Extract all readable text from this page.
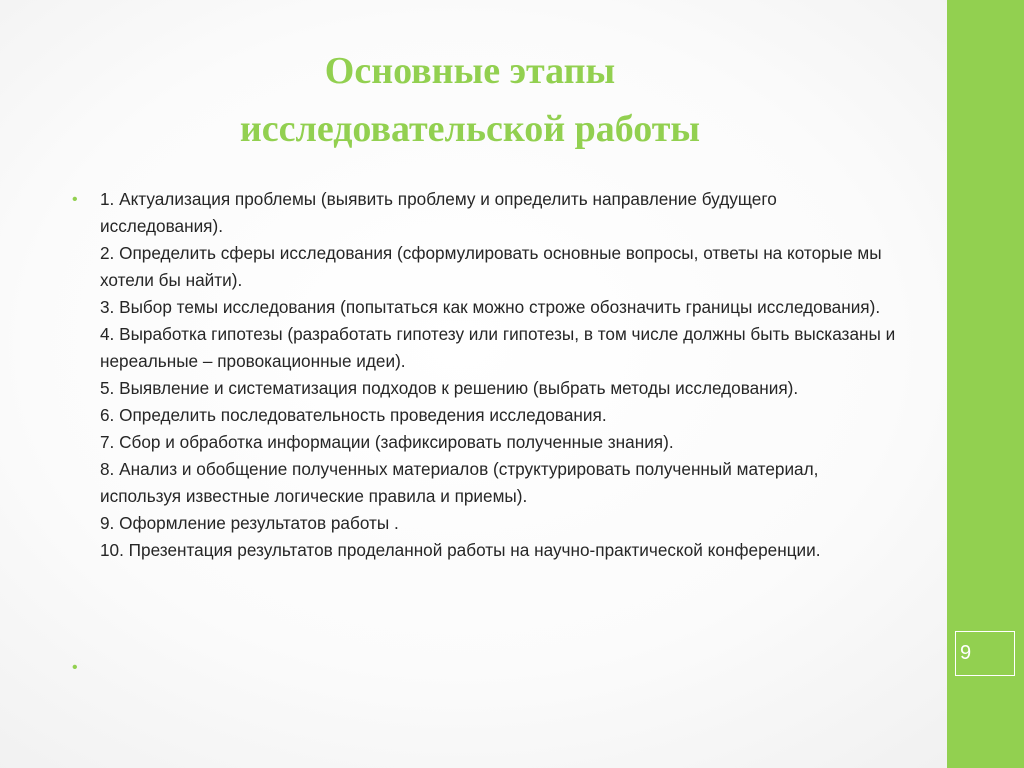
9
Основные этапы
исследовательской работы
• 1. Актуализация проблемы (выявить проблему и определить направление будущего исследования).
2. Определить сферы исследования (сформулировать основные вопросы, ответы на которые мы хотели бы найти).
3. Выбор темы исследования (попытаться как можно строже обозначить границы исследования).
4. Выработка гипотезы (разработать гипотезу или гипотезы, в том числе должны быть высказаны и нереальные – провокационные идеи).
5. Выявление и систематизация подходов к решению (выбрать методы исследования).
6. Определить последовательность проведения исследования.
7. Сбор и обработка информации (зафиксировать полученные знания).
8. Анализ и обобщение полученных материалов (структурировать полученный материал, используя известные логические правила и приемы).
9. Оформление результатов работы .
10. Презентация результатов проделанной работы на научно-практической конференции.
•
